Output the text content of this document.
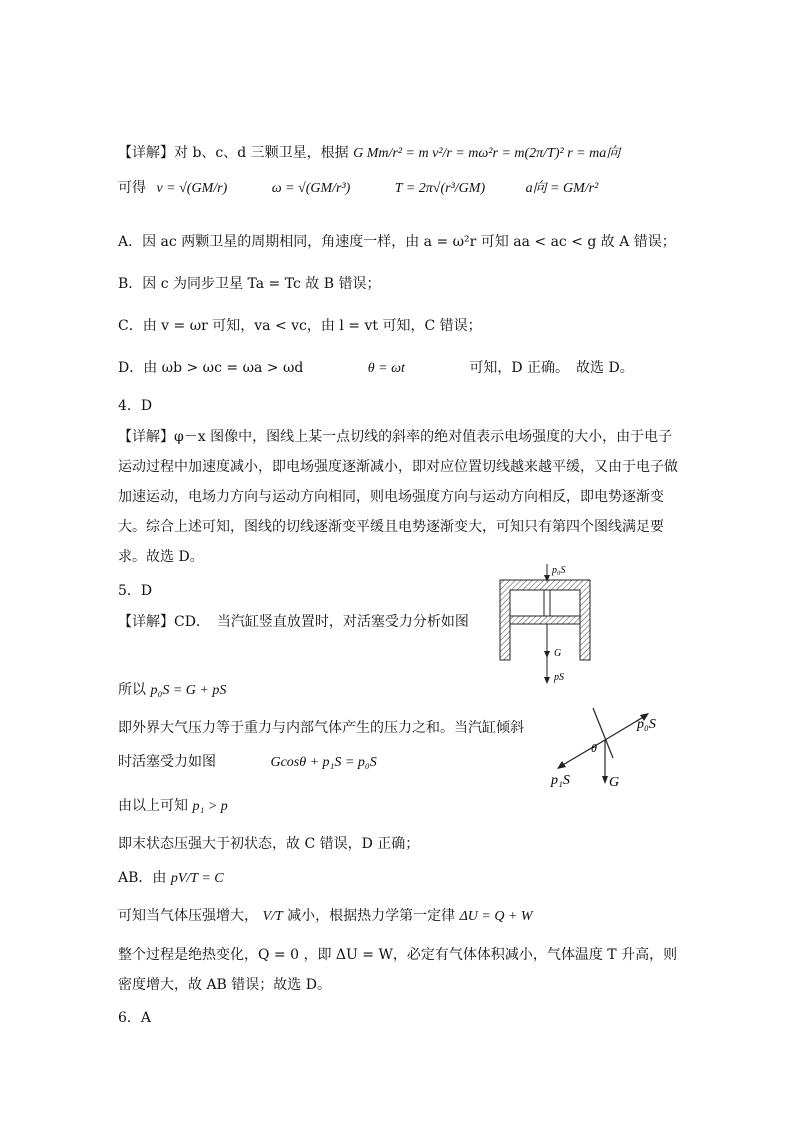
【详解】对 b、c、d 三颗卫星，根据 G Mm/r² = m v²/r = mω²r = m(2π/T)² r = ma向
可得 v = √(GM/r)	ω = √(GM/r³)	T = 2π√(r³/GM)	a向 = GM/r²
A．因 ac 两颗卫星的周期相同，角速度一样，由 a = ω²r 可知 aa < ac < g 故 A 错误；
B．因 c 为同步卫星 Ta = Tc 故 B 错误；
C．由 v = ωr 可知，va < vc，由 l = vt 可知，C 错误；
D．由 ωb > ωc = ωa > ωd	θ = ωt	可知，D 正确。　故选 D。
4．D
【详解】φ－x 图像中，图线上某一点切线的斜率的绝对值表示电场强度的大小，由于电子运动过程中加速度减小，即电场强度逐渐减小，即对应位置切线越来越平缓，又由于电子做加速运动，电场力方向与运动方向相同，则电场强度方向与运动方向相反，即电势逐渐变大。综合上述可知，图线的切线逐渐变平缓且电势逐渐变大，可知只有第四个图线满足要求。故选 D。
5．D
【详解】CD．　当汽缸竖直放置时，对活塞受力分析如图
所以 p₀S = G + pS
即外界大气压力等于重力与内部气体产生的压力之和。当汽缸倾斜
时活塞受力如图	Gcosθ + p₁S = p₀S
由以上可知 p₁ > p
即末状态压强大于初状态，故 C 错误，D 正确；
AB．由 pV/T = C
可知当气体压强增大， V/T 减小，根据热力学第一定律 ΔU = Q + W
整个过程是绝热变化，Q = 0 ，即 ΔU = W，必定有气体体积减小，气体温度 T 升高，则密度增大，故 AB 错误；故选 D。
6．A
p₀S
G
pS
p₀S
θ
p₁S	G
